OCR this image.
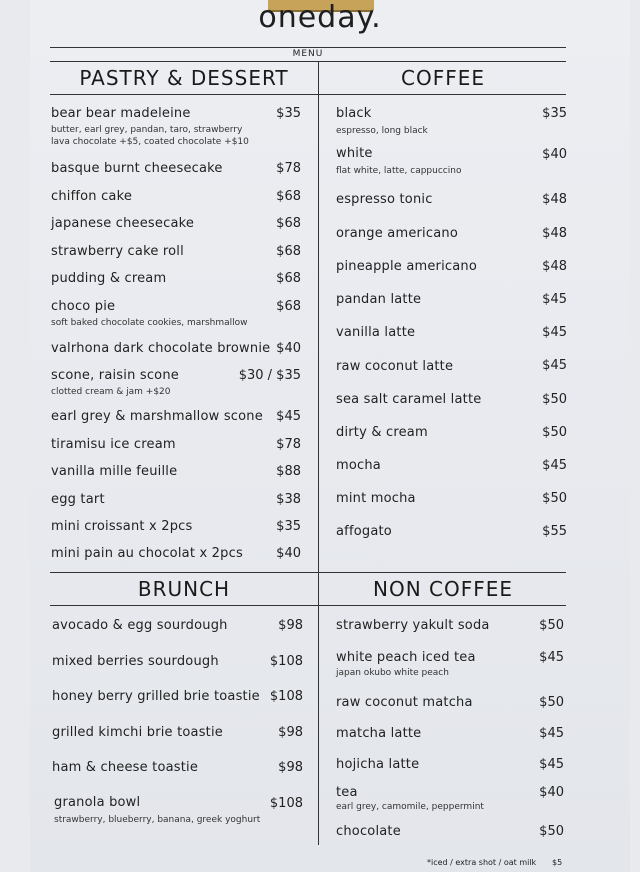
oneday.
MENU
PASTRY & DESSERT	COFFEE
BRUNCH	NON COFFEE
bear bear madeleine	$35
butter, earl grey, pandan, taro, strawberry
lava chocolate +$5, coated chocolate +$10
basque burnt cheesecake	$78
chiffon cake	$68
japanese cheesecake	$68
strawberry cake roll	$68
pudding & cream	$68
choco pie	$68
soft baked chocolate cookies, marshmallow
valrhona dark chocolate brownie $40
scone, raisin scone	$30 / $35
clotted cream & jam +$20
earl grey & marshmallow scone $45
tiramisu ice cream	$78
vanilla mille feuille	$88
egg tart	$38
mini croissant x 2pcs	$35
mini pain au chocolat x 2pcs	$40
black	$35
espresso, long black
white	$40
flat white, latte, cappuccino
espresso tonic	$48
orange americano	$48
pineapple americano	$48
pandan latte	$45
vanilla latte	$45
raw coconut latte	$45
sea salt caramel latte	$50
dirty & cream	$50
mocha	$45
mint mocha	$50
affogato	$55
avocado & egg sourdough	$98
mixed berries sourdough	$108
honey berry grilled brie toastie $108
grilled kimchi brie toastie	$98
ham & cheese toastie	$98
granola bowl	$108
strawberry, blueberry, banana, greek yoghurt
strawberry yakult soda	$50
white peach iced tea	$45
japan okubo white peach
raw coconut matcha	$50
matcha latte	$45
hojicha latte	$45
tea	$40
earl grey, camomile, peppermint
chocolate	$50
*iced / extra shot / oat milk $5
